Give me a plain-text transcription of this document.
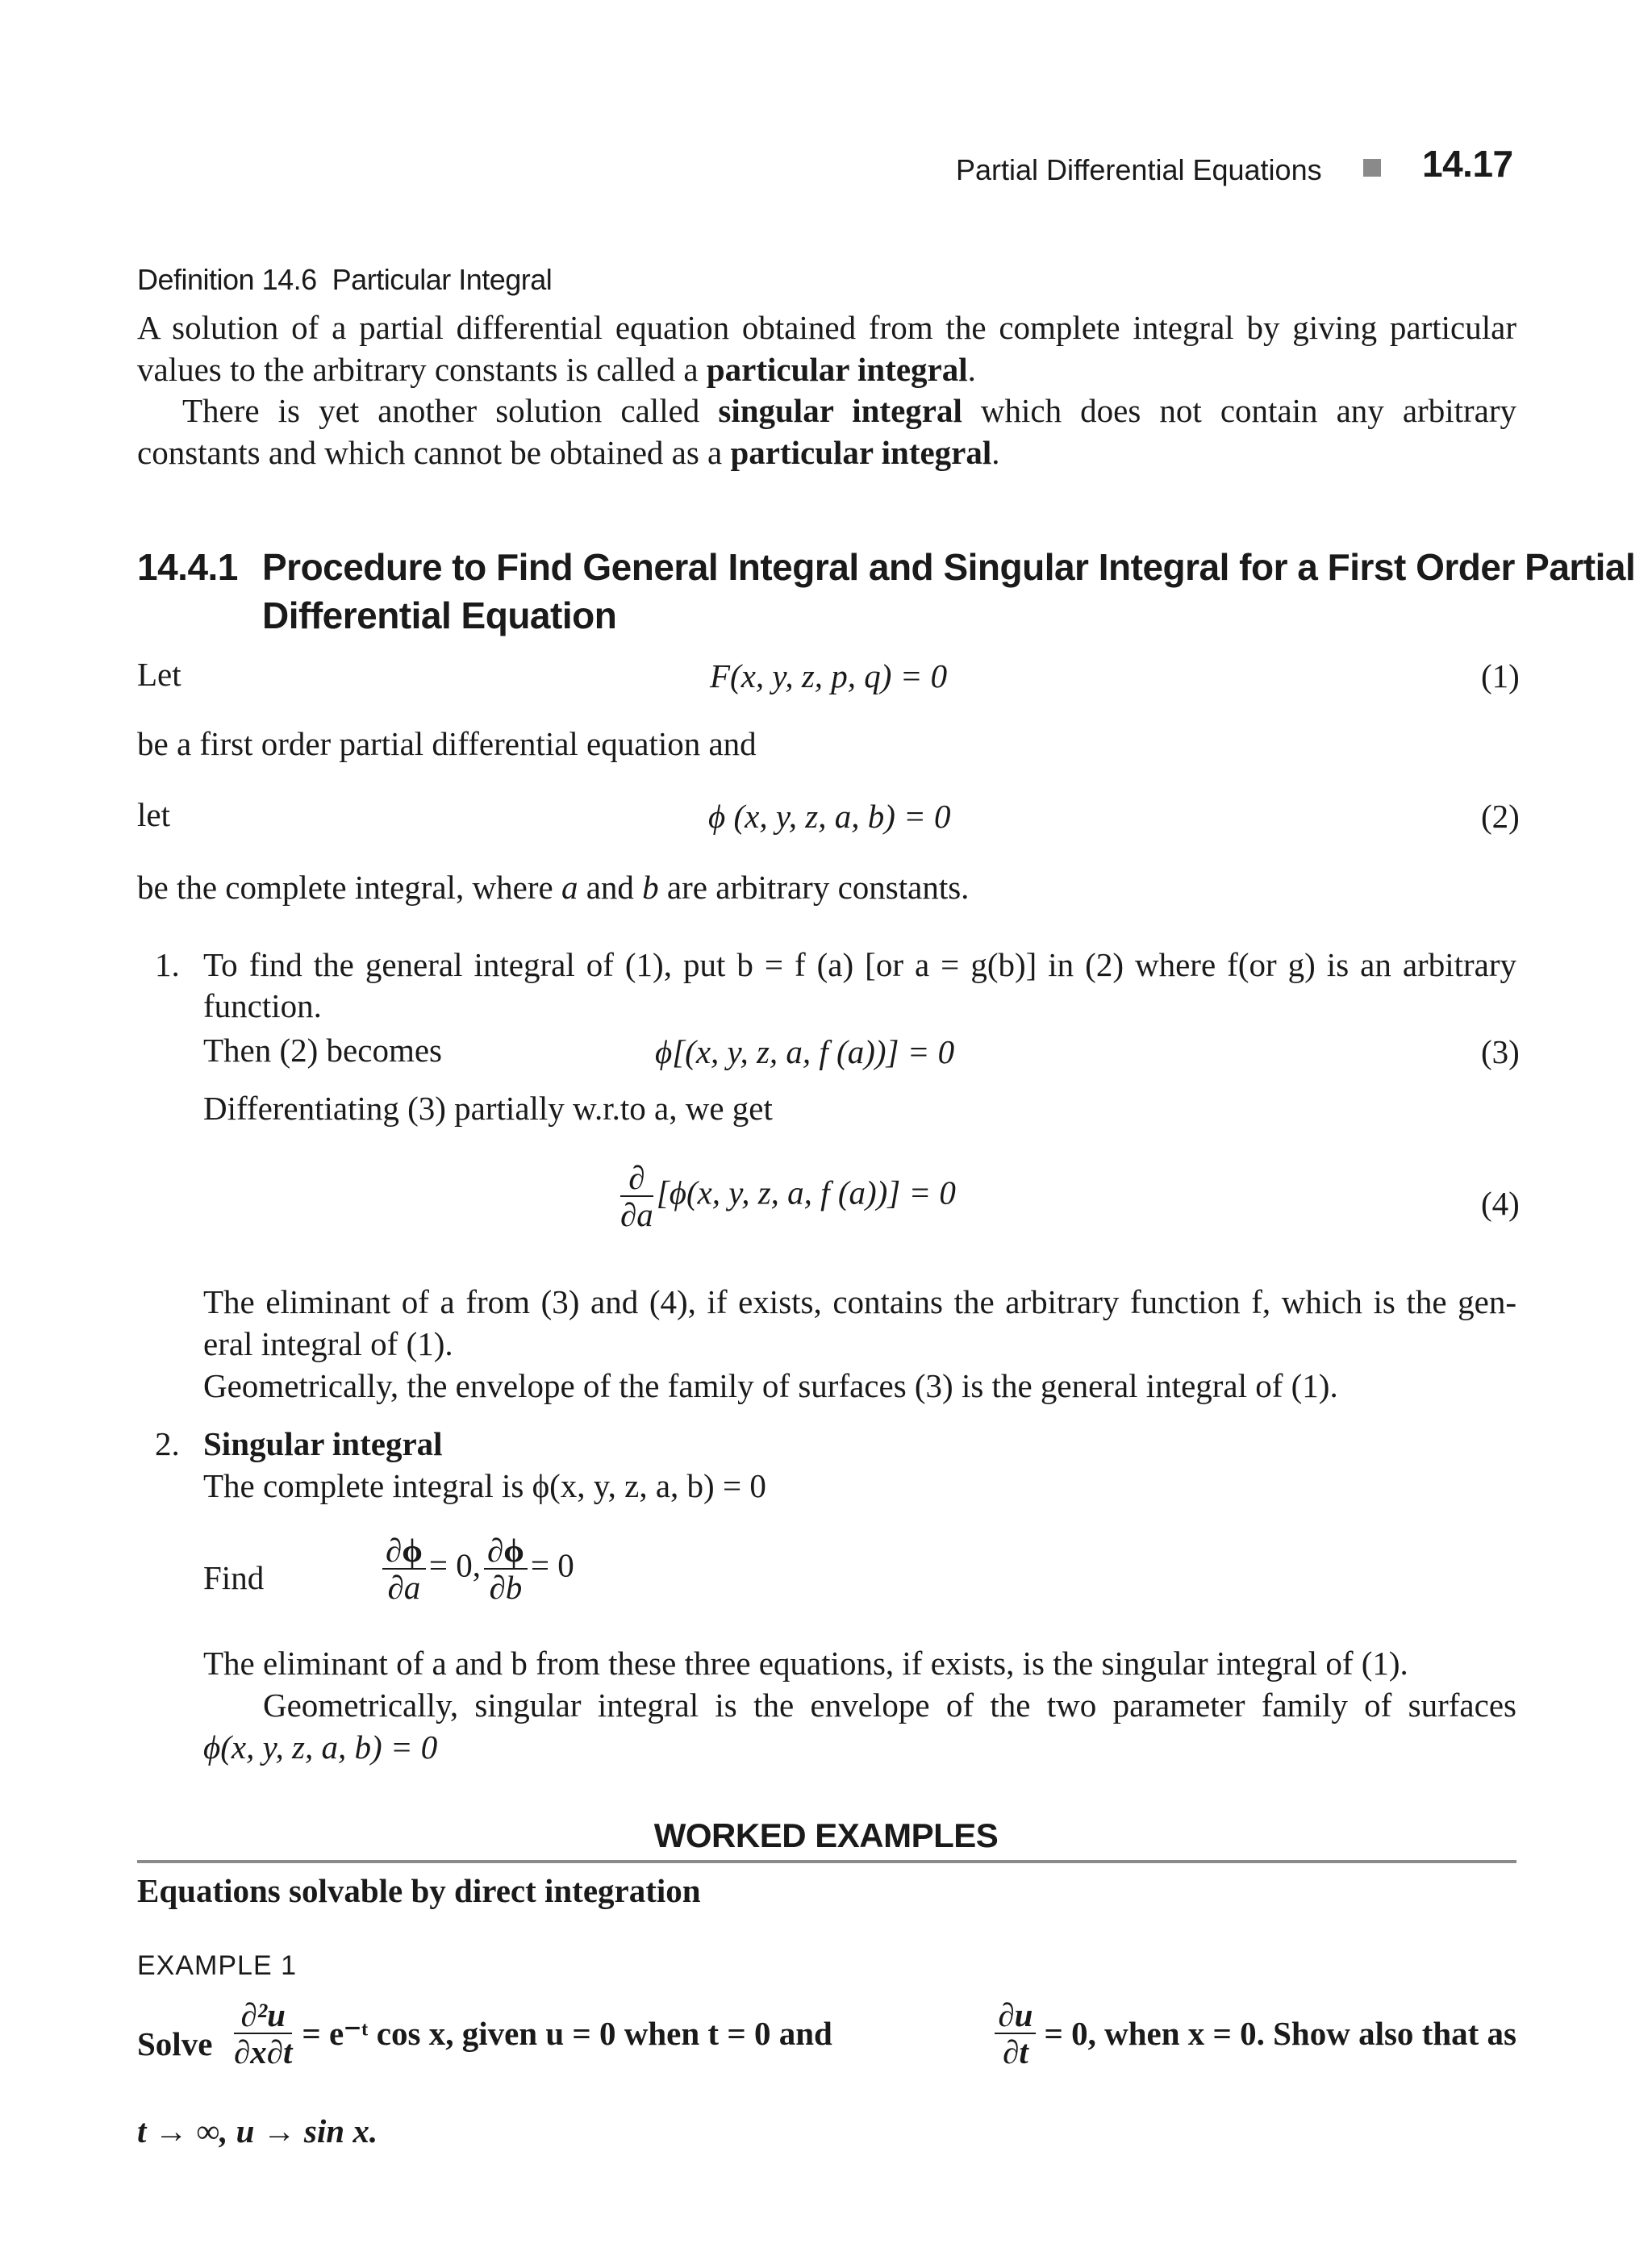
Partial Differential Equations	14.17
Definition 14.6 Particular Integral
A solution of a partial differential equation obtained from the complete integral by giving particular
values to the arbitrary constants is called a particular integral.
There is yet another solution called singular integral which does not contain any arbitrary
constants and which cannot be obtained as a particular integral.
14.4.1 Procedure to Find General Integral and Singular Integral for a First Order Partial
Differential Equation
Let	F(x, y, z, p, q) = 0	(1)
be a first order partial differential equation and
let	ϕ (x, y, z, a, b) = 0	(2)
be the complete integral, where a and b are arbitrary constants.
1. To find the general integral of (1), put b = f (a) [or a = g(b)] in (2) where f(or g) is an arbitrary
function.
Then (2) becomes	ϕ[(x, y, z, a, f (a))] = 0	(3)
Differentiating (3) partially w.r.to a, we get
$\frac{\partial}{\partial a} [\phi(x$, y, z, a, f (a))] = 0	(4)
The eliminant of a from (3) and (4), if exists, contains the arbitrary function f, which is the gen-
eral integral of (1).
Geometrically, the envelope of the family of surfaces (3) is the general integral of (1).
2. Singular integral
The complete integral is ϕ(x, y, z, a, b) = 0
Find	$\frac{\partial\phi}{\partial a} = 0$, $\frac{\partial\phi}{\partial b} = 0$
The eliminant of a and b from these three equations, if exists, is the singular integral of (1).
Geometrically, singular integral is the envelope of the two parameter family of surfaces
ϕ(x, y, z, a, b) = 0
WORKED EXAMPLES
Equations solvable by direct integration
EXAMPLE 1
Solve $\frac{\text{∂²u}}{\partial x\partial t}$ = e⁻ᵗ cos x, given u = 0 when t = 0 and	$\frac{\partial u}{\partial t} = 0$, when x = 0. Show also that as
t → ∞, u → sin x.
